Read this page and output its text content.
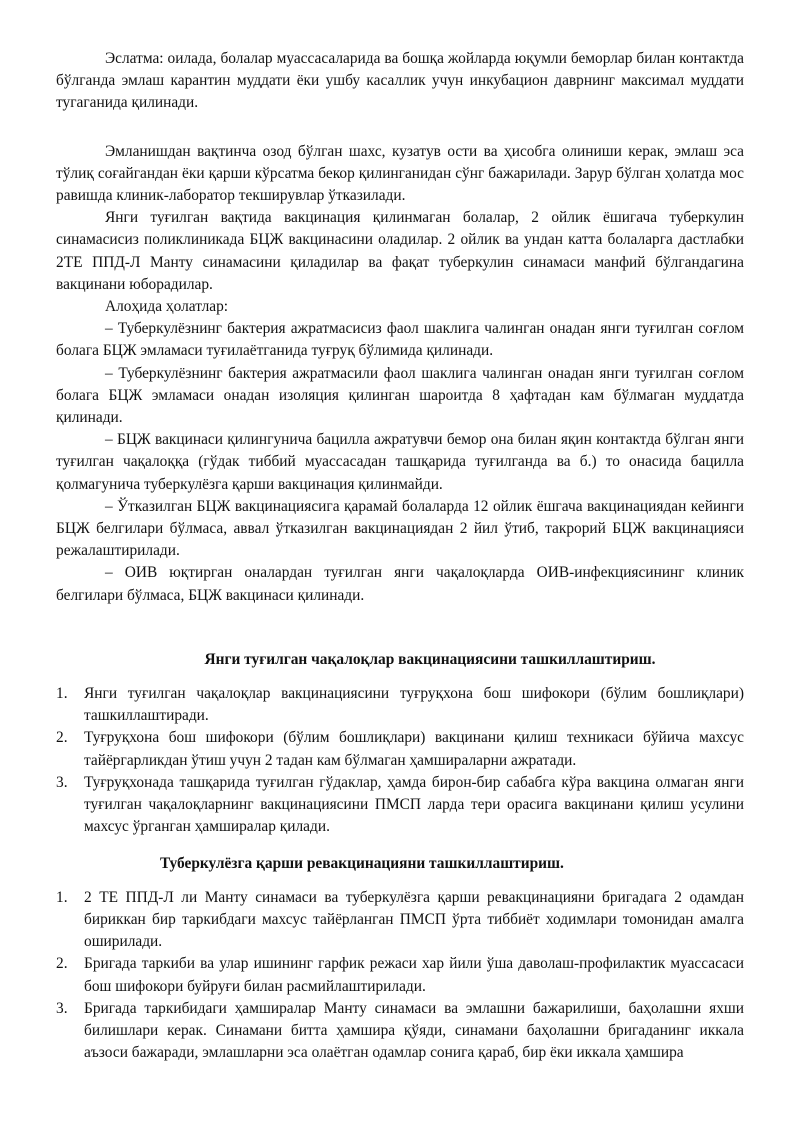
Эслатма: оилада, болалар муассасаларида ва бошқа жойларда юқумли беморлар билан контактда бўлганда эмлаш карантин муддати ёки ушбу касаллик учун инкубацион даврнинг максимал муддати тугаганида қилинади.

Эмланишдан вақтинча озод бўлган шахс, кузатув ости ва ҳисобга олиниши керак, эмлаш эса тўлиқ соғайгандан ёки қарши кўрсатма бекор қилинганидан сўнг бажарилади. Зарур бўлган ҳолатда мос равишда клиник-лаборатор текширувлар ўтказилади.

Янги туғилган вақтида вакцинация қилинмаган болалар, 2 ойлик ёшигача туберкулин синамасисиз поликлиникада БЦЖ вакцинасини оладилар. 2 ойлик ва ундан катта болаларга дастлабки 2ТЕ ППД-Л Манту синамасини қиладилар ва фақат туберкулин синамаси манфий бўлгандагина вакцинани юборадилар.

Алоҳида ҳолатлар:

– Туберкулёзнинг бактерия ажратмасисиз фаол шаклига чалинган онадан янги туғилган соғлом болага БЦЖ эмламаси туғилаётганида туғруқ бўлимида қилинади.

– Туберкулёзнинг бактерия ажратмасили фаол шаклига чалинган онадан янги туғилган соғлом болага БЦЖ эмламаси онадан изоляция қилинган шароитда 8 ҳафтадан кам бўлмаган муддатда қилинади.

– БЦЖ вакцинаси қилингунича бацилла ажратувчи бемор она билан яқин контактда бўлган янги туғилган чақалоққа (гўдак тиббий муассасадан ташқарида туғилганда ва б.) то онасида бацилла қолмагунича туберкулёзга қарши вакцинация қилинмайди.

– Ўтказилган БЦЖ вакцинациясига қарамай болаларда 12 ойлик ёшгача вакцинациядан кейинги БЦЖ белгилари бўлмаса, аввал ўтказилган вакцинациядан 2 йил ўтиб, такрорий БЦЖ вакцинацияси режалаштирилади.

– ОИВ юқтирган оналардан туғилган янги чақалоқларда ОИВ-инфекциясининг клиник белгилари бўлмаса, БЦЖ вакцинаси қилинади.

Янги туғилган чақалоқлар вакцинациясини ташкиллаштириш.

1. Янги туғилган чақалоқлар вакцинациясини туғруқхона бош шифокори (бўлим бошлиқлари) ташкиллаштиради.
2. Туғруқхона бош шифокори (бўлим бошлиқлари) вакцинани қилиш техникаси бўйича махсус тайёргарликдан ўтиш учун 2 тадан кам бўлмаган ҳамшираларни ажратади.
3. Туғруқхонада ташқарида туғилган гўдаклар, ҳамда бирон-бир сабабга кўра вакцина олмаган янги туғилган чақалоқларнинг вакцинациясини ПМСП ларда тери орасига вакцинани қилиш усулини махсус ўрганган ҳамширалар қилади.

Туберкулёзга қарши ревакцинацияни ташкиллаштириш.

1. 2 ТЕ ППД-Л ли Манту синамаси ва туберкулёзга қарши ревакцинацияни бригадага 2 одамдан бириккан бир таркибдаги махсус тайёрланган ПМСП ўрта тиббиёт ходимлари томонидан амалга оширилади.
2. Бригада таркиби ва улар ишининг гарфик режаси хар йили ўша даволаш-профилактик муассасаси бош шифокори буйруғи билан расмийлаштирилади.
3. Бригада таркибидаги ҳамширалар Манту синамаси ва эмлашни бажарилиши, баҳолашни яхши билишлари керак. Синамани битта ҳамшира қўяди, синамани баҳолашни бригаданинг иккала аъзоси бажаради, эмлашларни эса олаётган одамлар сонига қараб, бир ёки иккала ҳамшира
